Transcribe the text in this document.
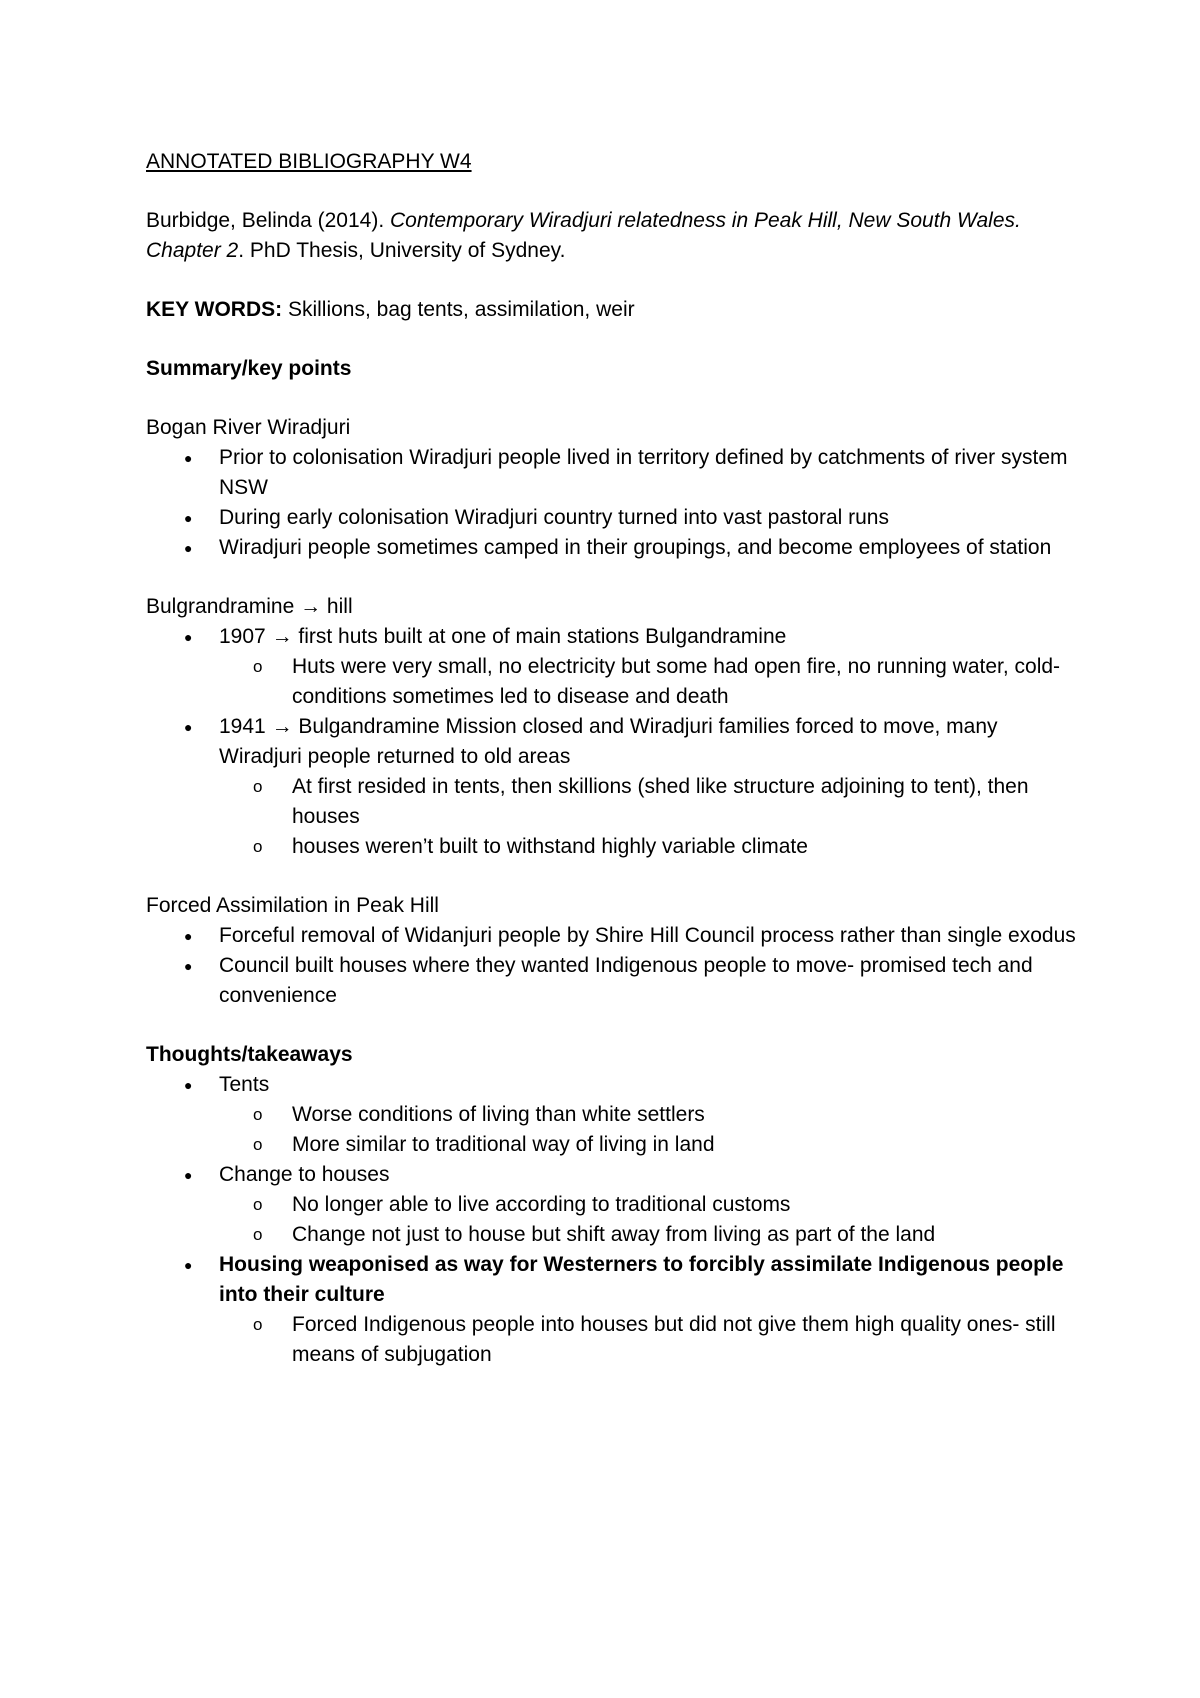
ANNOTATED BIBLIOGRAPHY W4
Burbidge, Belinda (2014). Contemporary Wiradjuri relatedness in Peak Hill, New South Wales. Chapter 2. PhD Thesis, University of Sydney.
KEY WORDS: Skillions, bag tents, assimilation, weir
Summary/key points
Bogan River Wiradjuri
● Prior to colonisation Wiradjuri people lived in territory defined by catchments of river system NSW
● During early colonisation Wiradjuri country turned into vast pastoral runs
● Wiradjuri people sometimes camped in their groupings, and become employees of station
Bulgrandramine → hill
● 1907 → first huts built at one of main stations Bulgandramine
o Huts were very small, no electricity but some had open fire, no running water, cold- conditions sometimes led to disease and death
● 1941 → Bulgandramine Mission closed and Wiradjuri families forced to move, many Wiradjuri people returned to old areas
o At first resided in tents, then skillions (shed like structure adjoining to tent), then houses
o houses weren’t built to withstand highly variable climate
Forced Assimilation in Peak Hill
● Forceful removal of Widanjuri people by Shire Hill Council process rather than single exodus
● Council built houses where they wanted Indigenous people to move- promised tech and convenience
Thoughts/takeaways
● Tents
o Worse conditions of living than white settlers
o More similar to traditional way of living in land
● Change to houses
o No longer able to live according to traditional customs
o Change not just to house but shift away from living as part of the land
● Housing weaponised as way for Westerners to forcibly assimilate Indigenous people into their culture
o Forced Indigenous people into houses but did not give them high quality ones- still means of subjugation
